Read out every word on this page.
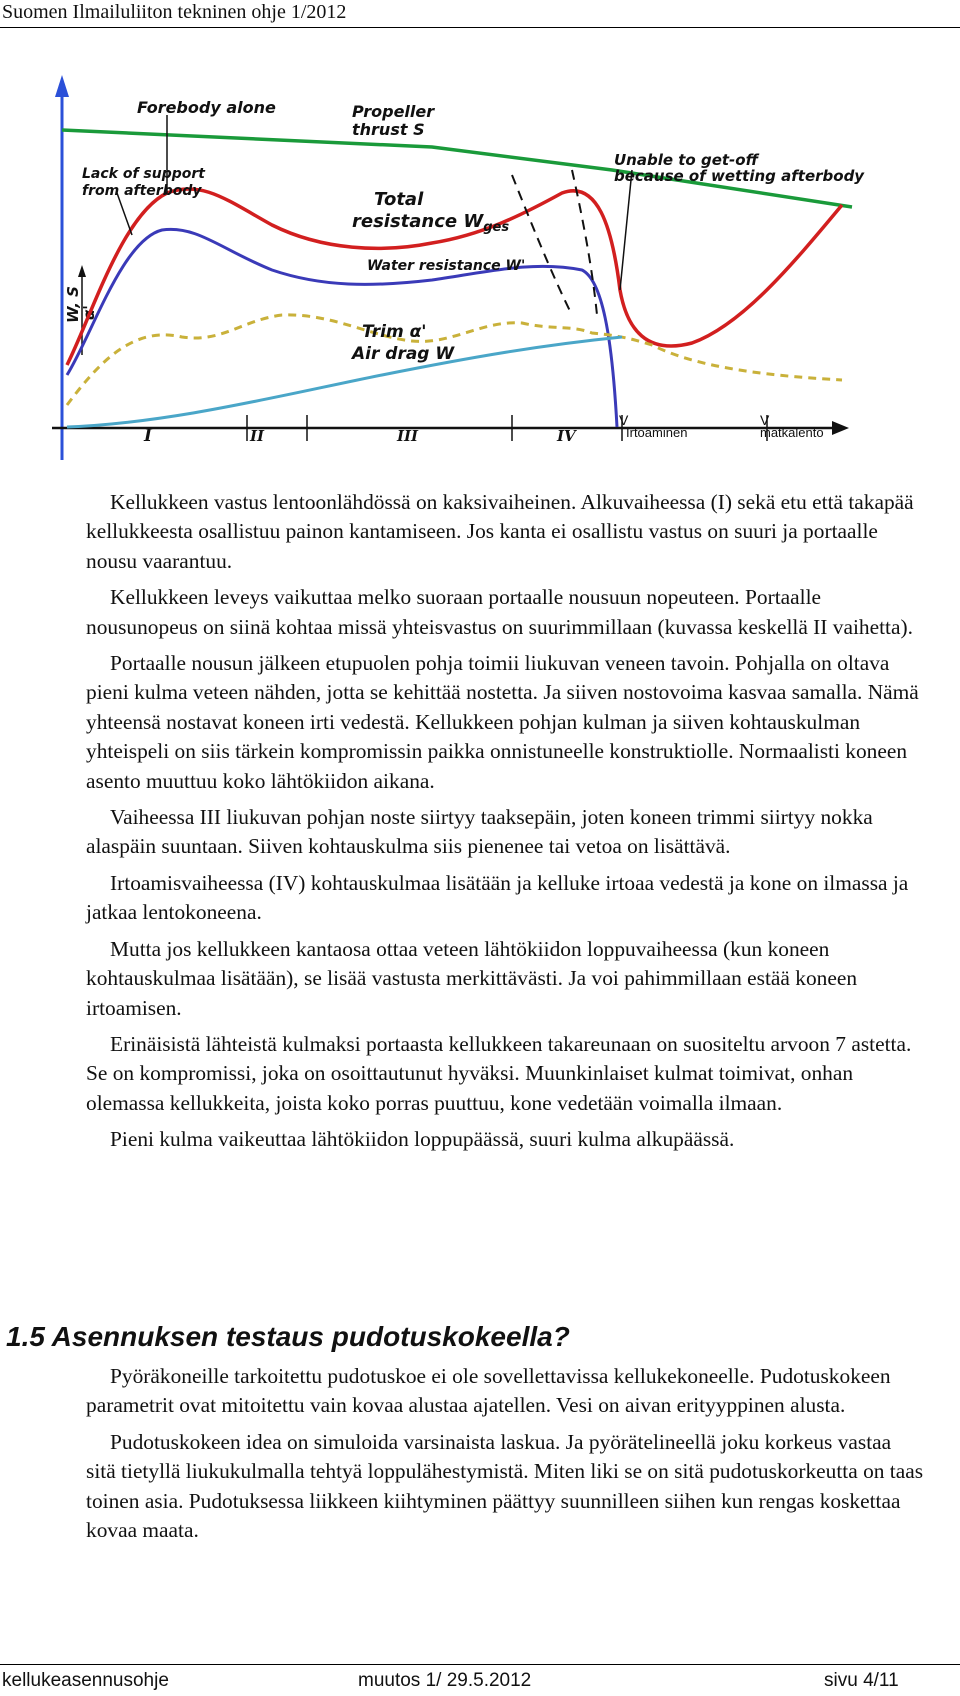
Suomen Ilmailuliiton tekninen ohje 1/2012
W, S
α'
I	II	III	IV
V
Irtoaminen
V
matkalento
Forebody alone	Propeller
thrust S
Lack of support
from afterbody
Unable to get-off
because of wetting afterbody
Total
resistance $W_{ges}$
Water resistance W'
Trim α'
Air drag W

Kellukkeen vastus lentoonlähdössä on kaksivaiheinen. Alkuvaiheessa (I) sekä etu että takapää kellukkeesta osallistuu painon kantamiseen. Jos kanta ei osallistu vastus on suuri ja portaalle nousu vaarantuu.

Kellukkeen leveys vaikuttaa melko suoraan portaalle nousuun nopeuteen. Portaalle nousunopeus on siinä kohtaa missä yhteisvastus on suurimmillaan (kuvassa keskellä II vaihetta).

Portaalle nousun jälkeen etupuolen pohja toimii liukuvan veneen tavoin. Pohjalla on oltava pieni kulma veteen nähden, jotta se kehittää nostetta. Ja siiven nostovoima kasvaa samalla. Nämä yhteensä nostavat koneen irti vedestä. Kellukkeen pohjan kulman ja siiven kohtauskulman yhteispeli on siis tärkein kompromissin paikka onnistuneelle konstruktiolle. Normaalisti koneen asento muuttuu koko lähtökiidon aikana.

Vaiheessa III liukuvan pohjan noste siirtyy taaksepäin, joten koneen trimmi siirtyy nokka alaspäin suuntaan. Siiven kohtauskulma siis pienenee tai vetoa on lisättävä.

Irtoamisvaiheessa (IV) kohtauskulmaa lisätään ja kelluke irtoaa vedestä ja kone on ilmassa ja jatkaa lentokoneena.

Mutta jos kellukkeen kantaosa ottaa veteen lähtökiidon loppuvaiheessa (kun koneen kohtauskulmaa lisätään), se lisää vastusta merkittävästi. Ja voi pahimmillaan estää koneen irtoamisen.

Erinäisistä lähteistä kulmaksi portaasta kellukkeen takareunaan on suositeltu arvoon 7 astetta. Se on kompromissi, joka on osoittautunut hyväksi. Muunkinlaiset kulmat toimivat, onhan olemassa kellukkeita, joista koko porras puuttuu, kone vedetään voimalla ilmaan.

Pieni kulma vaikeuttaa lähtökiidon loppupäässä, suuri kulma alkupäässä.

1.5 Asennuksen testaus pudotuskokeella?

Pyöräkoneille tarkoitettu pudotuskoe ei ole sovellettavissa kellukekoneelle. Pudotuskokeen parametrit ovat mitoitettu vain kovaa alustaa ajatellen. Vesi on aivan erityyppinen alusta.

Pudotuskokeen idea on simuloida varsinaista laskua. Ja pyörätelineellä joku korkeus vastaa sitä tietyllä liukukulmalla tehtyä loppulähestymistä. Miten liki se on sitä pudotuskorkeutta on taas toinen asia. Pudotuksessa liikkeen kiihtyminen päättyy suunnilleen siihen kun rengas koskettaa kovaa maata.

kellukeasennusohje	muutos 1/ 29.5.2012	sivu 4/11
